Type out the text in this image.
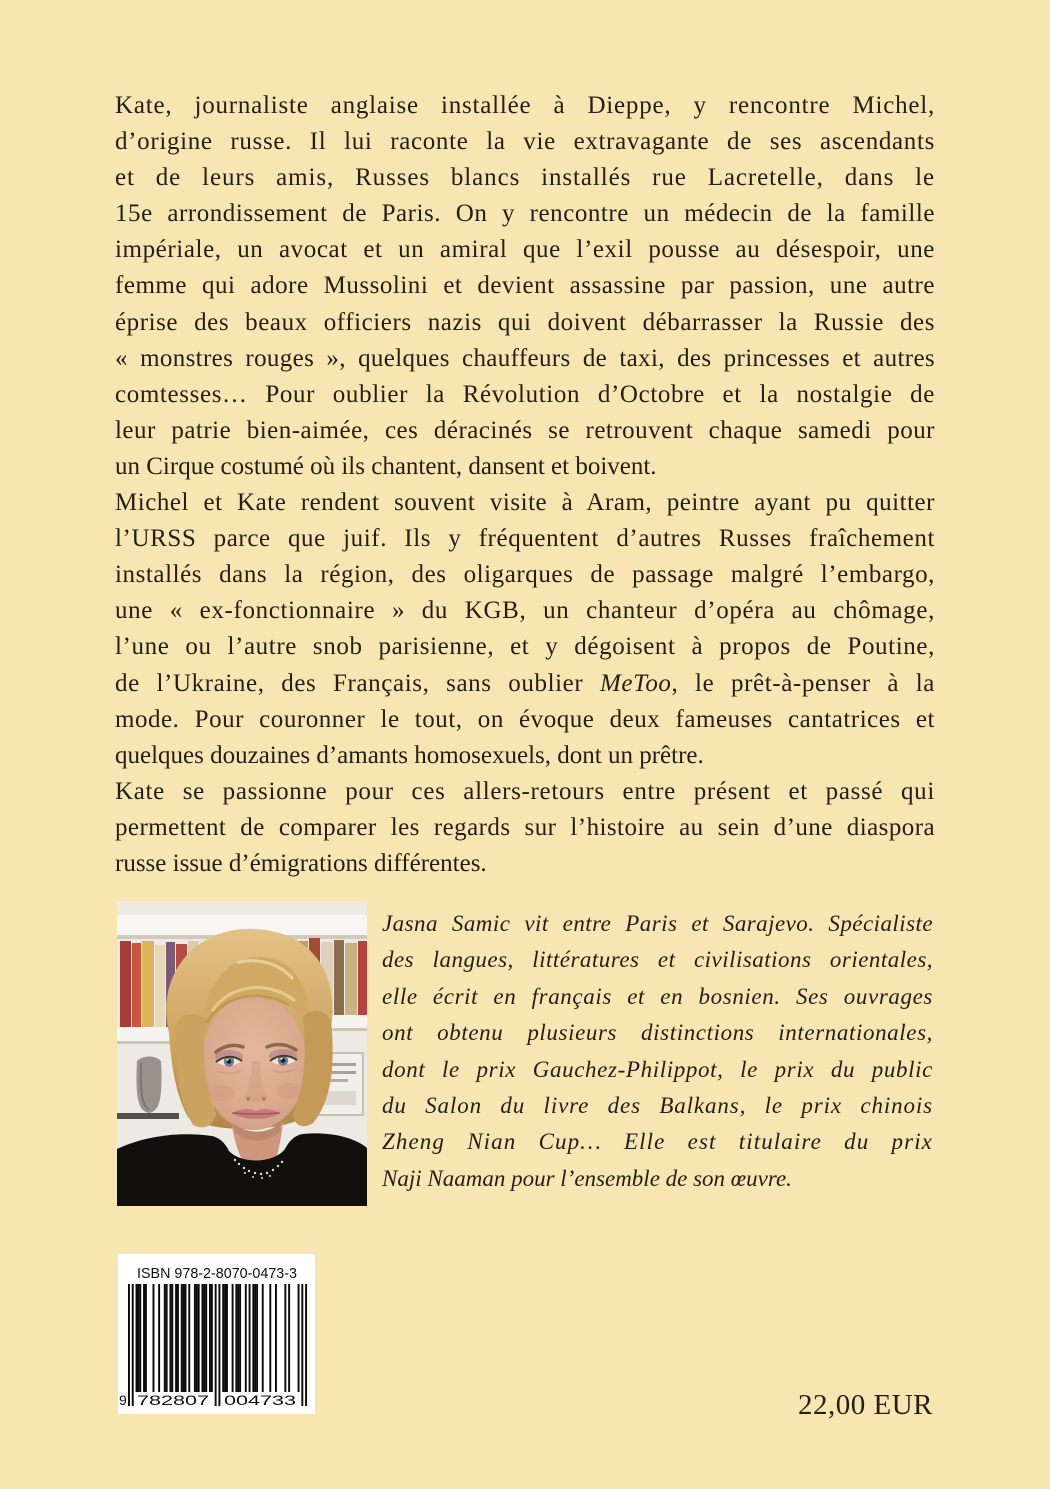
Kate, journaliste anglaise installée à Dieppe, y rencontre Michel,
d’origine russe. Il lui raconte la vie extravagante de ses ascendants
et de leurs amis, Russes blancs installés rue Lacretelle, dans le
15e arrondissement de Paris. On y rencontre un médecin de la famille
impériale, un avocat et un amiral que l’exil pousse au désespoir, une
femme qui adore Mussolini et devient assassine par passion, une autre
éprise des beaux officiers nazis qui doivent débarrasser la Russie des
« monstres rouges », quelques chauffeurs de taxi, des princesses et autres
comtesses… Pour oublier la Révolution d’Octobre et la nostalgie de
leur patrie bien-aimée, ces déracinés se retrouvent chaque samedi pour
un Cirque costumé où ils chantent, dansent et boivent.
Michel et Kate rendent souvent visite à Aram, peintre ayant pu quitter
l’URSS parce que juif. Ils y fréquentent d’autres Russes fraîchement
installés dans la région, des oligarques de passage malgré l’embargo,
une « ex-fonctionnaire » du KGB, un chanteur d’opéra au chômage,
l’une ou l’autre snob parisienne, et y dégoisent à propos de Poutine,
de l’Ukraine, des Français, sans oublier MeToo, le prêt-à-penser à la
mode. Pour couronner le tout, on évoque deux fameuses cantatrices et
quelques douzaines d’amants homosexuels, dont un prêtre.
Kate se passionne pour ces allers-retours entre présent et passé qui
permettent de comparer les regards sur l’histoire au sein d’une diaspora
russe issue d’émigrations différentes.
Jasna Samic vit entre Paris et Sarajevo. Spécialiste
des langues, littératures et civilisations orientales,
elle écrit en français et en bosnien. Ses ouvrages
ont obtenu plusieurs distinctions internationales,
dont le prix Gauchez-Philippot, le prix du public
du Salon du livre des Balkans, le prix chinois
Zheng Nian Cup… Elle est titulaire du prix
Naji Naaman pour l’ensemble de son œuvre.
ISBN 978-2-8070-0473-3
9 782807 004733	22,00 EUR
